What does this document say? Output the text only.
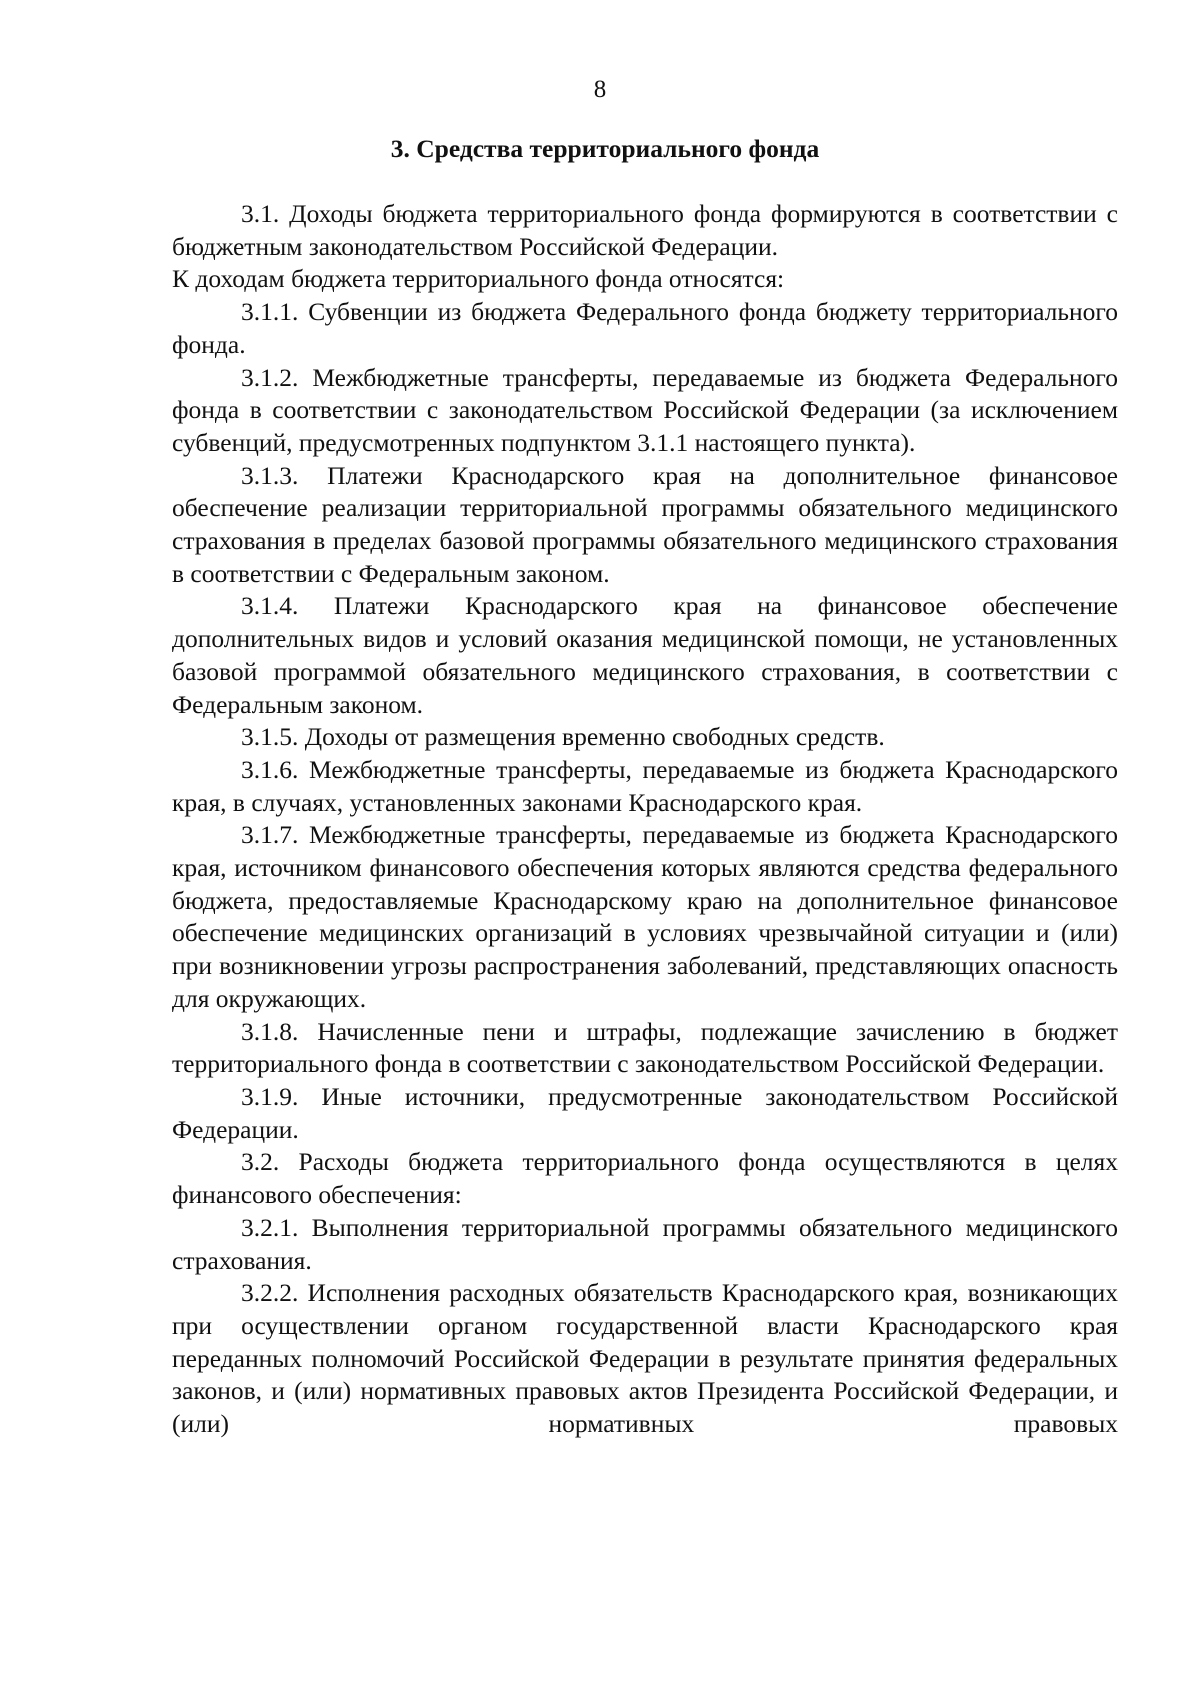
8
3. Средства территориального фонда

3.1. Доходы бюджета территориального фонда формируются в соответствии с бюджетным законодательством Российской Федерации.

К доходам бюджета территориального фонда относятся:

3.1.1. Субвенции из бюджета Федерального фонда бюджету территориального фонда.

3.1.2. Межбюджетные трансферты, передаваемые из бюджета Федерального фонда в соответствии с законодательством Российской Федерации (за исключением субвенций, предусмотренных подпунктом 3.1.1 настоящего пункта).

3.1.3. Платежи Краснодарского края на дополнительное финансовое обеспечение реализации территориальной программы обязательного медицинского страхования в пределах базовой программы обязательного медицинского страхования в соответствии с Федеральным законом.

3.1.4. Платежи Краснодарского края на финансовое обеспечение дополнительных видов и условий оказания медицинской помощи, не установленных базовой программой обязательного медицинского страхования, в соответствии с Федеральным законом.

3.1.5. Доходы от размещения временно свободных средств.

3.1.6. Межбюджетные трансферты, передаваемые из бюджета Краснодарского края, в случаях, установленных законами Краснодарского края.

3.1.7. Межбюджетные трансферты, передаваемые из бюджета Краснодарского края, источником финансового обеспечения которых являются средства федерального бюджета, предоставляемые Краснодарскому краю на дополнительное финансовое обеспечение медицинских организаций в условиях чрезвычайной ситуации и (или) при возникновении угрозы распространения заболеваний, представляющих опасность для окружающих.

3.1.8. Начисленные пени и штрафы, подлежащие зачислению в бюджет территориального фонда в соответствии с законодательством Российской Федерации.

3.1.9. Иные источники, предусмотренные законодательством Российской Федерации.

3.2. Расходы бюджета территориального фонда осуществляются в целях финансового обеспечения:

3.2.1. Выполнения территориальной программы обязательного медицинского страхования.

3.2.2. Исполнения расходных обязательств Краснодарского края, возникающих при осуществлении органом государственной власти Краснодарского края переданных полномочий Российской Федерации в результате принятия федеральных законов, и (или) нормативных правовых актов Президента Российской Федерации, и (или) нормативных правовых
